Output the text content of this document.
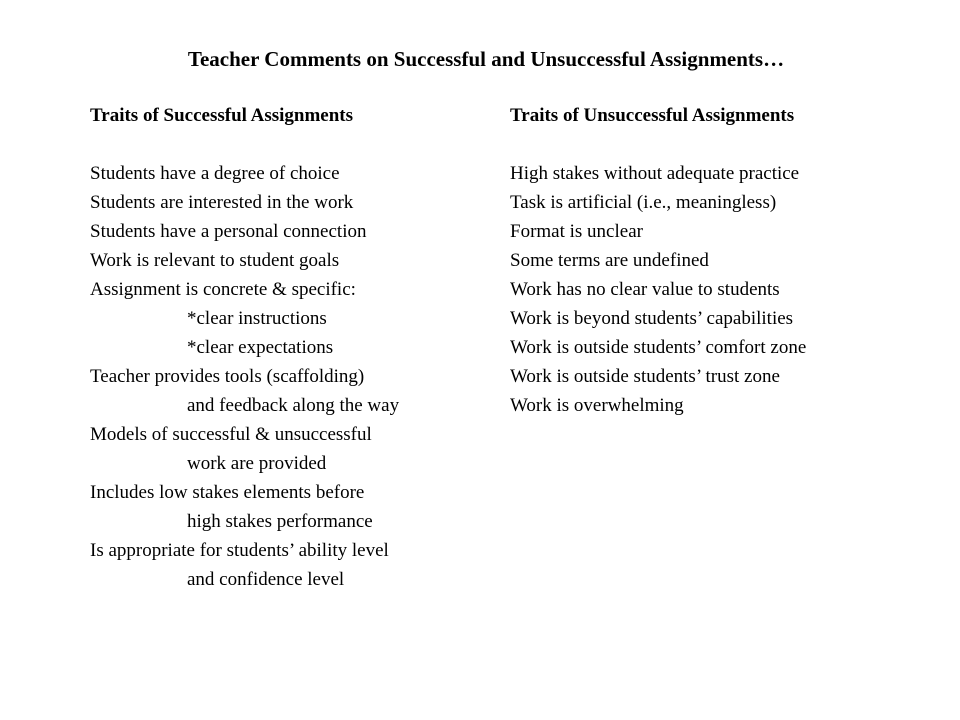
Teacher Comments on Successful and Unsuccessful Assignments…
Traits of Successful Assignments
Students have a degree of choice
Students are interested in the work
Students have a personal connection
Work is relevant to student goals
Assignment is concrete & specific:
*clear instructions
*clear expectations
Teacher provides tools (scaffolding)
and feedback along the way
Models of successful & unsuccessful
work are provided
Includes low stakes elements before
high stakes performance
Is appropriate for students’ ability level
and confidence level
Traits of Unsuccessful Assignments
High stakes without adequate practice
Task is artificial (i.e., meaningless)
Format is unclear
Some terms are undefined
Work has no clear value to students
Work is beyond students’ capabilities
Work is outside students’ comfort zone
Work is outside students’ trust zone
Work is overwhelming
